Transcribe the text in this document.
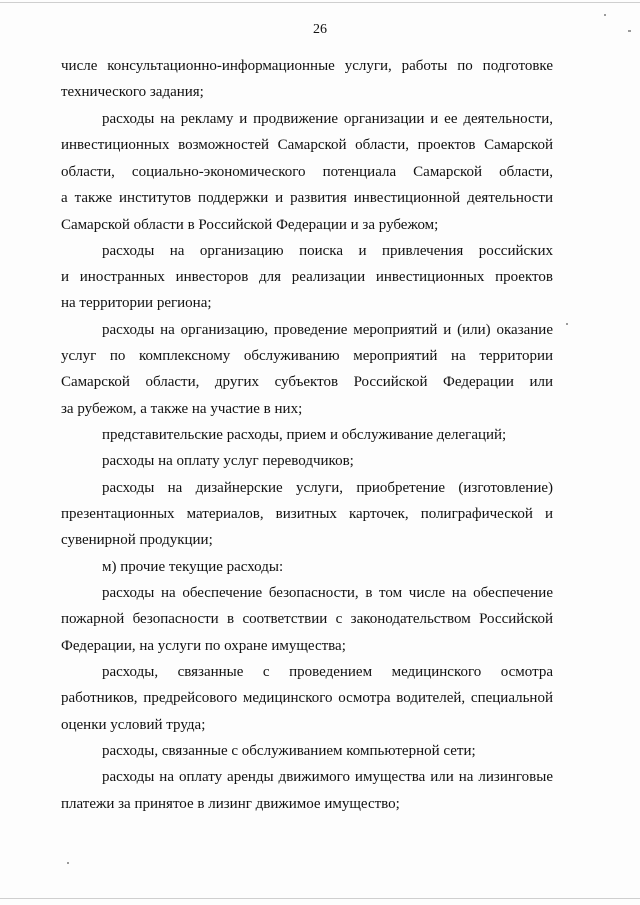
26
числе консультационно-информационные услуги, работы по подготовке
технического задания;
расходы на рекламу и продвижение организации и ее деятельности,
инвестиционных возможностей Самарской области, проектов Самарской
области, социально-экономического потенциала Самарской области,
а также институтов поддержки и развития инвестиционной деятельности
Самарской области в Российской Федерации и за рубежом;
расходы на организацию поиска и привлечения российских
и иностранных инвесторов для реализации инвестиционных проектов
на территории региона;
расходы на организацию, проведение мероприятий и (или) оказание
услуг по комплексному обслуживанию мероприятий на территории
Самарской области, других субъектов Российской Федерации или
за рубежом, а также на участие в них;
представительские расходы, прием и обслуживание делегаций;
расходы на оплату услуг переводчиков;
расходы на дизайнерские услуги, приобретение (изготовление)
презентационных материалов, визитных карточек, полиграфической и
сувенирной продукции;
м) прочие текущие расходы:
расходы на обеспечение безопасности, в том числе на обеспечение
пожарной безопасности в соответствии с законодательством Российской
Федерации, на услуги по охране имущества;
расходы, связанные с проведением медицинского осмотра
работников, предрейсового медицинского осмотра водителей, специальной
оценки условий труда;
расходы, связанные с обслуживанием компьютерной сети;
расходы на оплату аренды движимого имущества или на лизинговые
платежи за принятое в лизинг движимое имущество;
